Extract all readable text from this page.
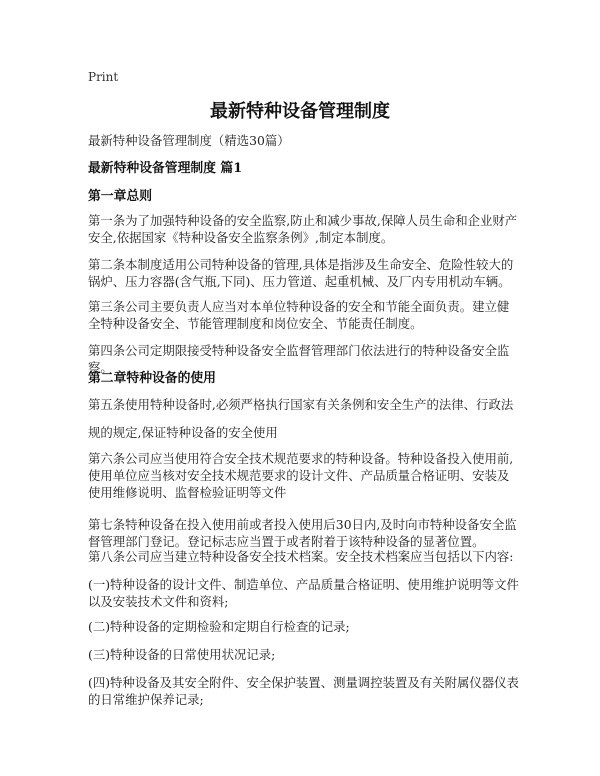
Print
最新特种设备管理制度
最新特种设备管理制度（精选30篇）
最新特种设备管理制度 篇1
第一章总则
第一条为了加强特种设备的安全监察,防止和减少事故,保障人员生命和企业财产安全,依据国家《特种设备安全监察条例》,制定本制度。
第二条本制度适用公司特种设备的管理,具体是指涉及生命安全、危险性较大的锅炉、压力容器(含气瓶,下同)、压力管道、起重机械、及厂内专用机动车辆。
第三条公司主要负责人应当对本单位特种设备的安全和节能全面负责。建立健全特种设备安全、节能管理制度和岗位安全、节能责任制度。
第四条公司定期限接受特种设备安全监督管理部门依法进行的特种设备安全监察。
第二章特种设备的使用
第五条使用特种设备时,必须严格执行国家有关条例和安全生产的法律、行政法
规的规定,保证特种设备的安全使用
第六条公司应当使用符合安全技术规范要求的特种设备。特种设备投入使用前,使用单位应当核对安全技术规范要求的设计文件、产品质量合格证明、安装及使用维修说明、监督检验证明等文件
第七条特种设备在投入使用前或者投入使用后30日内,及时向市特种设备安全监督管理部门登记。登记标志应当置于或者附着于该特种设备的显著位置。
第八条公司应当建立特种设备安全技术档案。安全技术档案应当包括以下内容:
(一)特种设备的设计文件、制造单位、产品质量合格证明、使用维护说明等文件以及安装技术文件和资料;
(二)特种设备的定期检验和定期自行检查的记录;
(三)特种设备的日常使用状况记录;
(四)特种设备及其安全附件、安全保护装置、测量调控装置及有关附属仪器仪表的日常维护保养记录;
